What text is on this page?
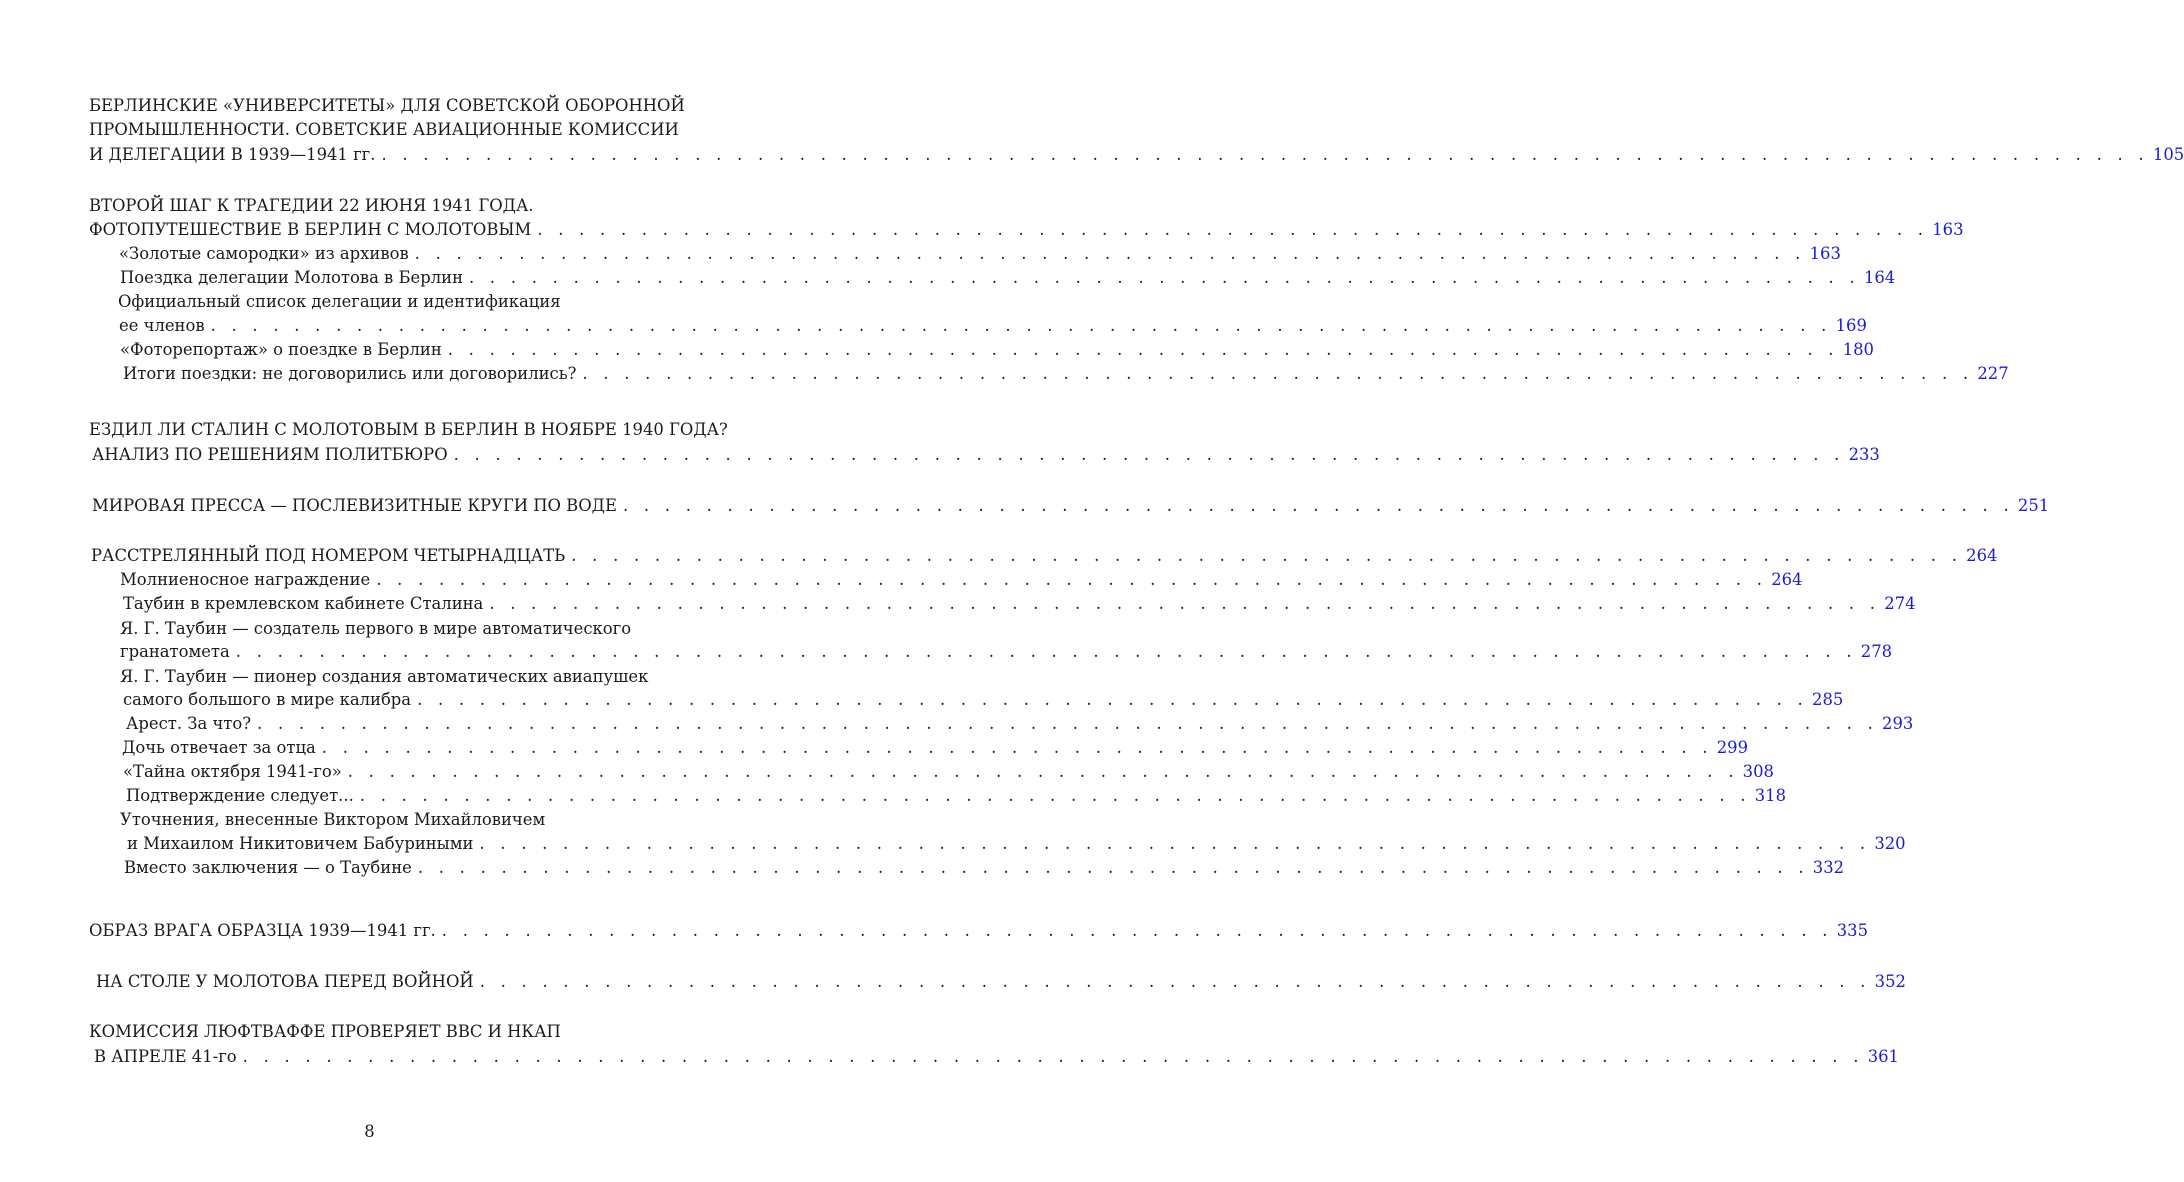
БЕРЛИНСКИЕ «УНИВЕРСИТЕТЫ» ДЛЯ СОВЕТСКОЙ ОБОРОННОЙ
ПРОМЫШЛЕННОСТИ. СОВЕТСКИЕ АВИАЦИОННЫЕ КОМИССИИ
И ДЕЛЕГАЦИИ В 1939—1941 гг. . . . . . . . . . . . . . . . . . . . . . . . . . . . . . . . . . . . . . . . . . . . . . . . . . . . . . . . . . . . . . . . . . . . . . . . . . . . . . . . . . . . . . 105
ВТОРОЙ ШАГ К ТРАГЕДИИ 22 ИЮНЯ 1941 ГОДА.
ФОТОПУТЕШЕСТВИЕ В БЕРЛИН С МОЛОТОВЫМ . . . . . . . . . . . . . . . . . . . . . . . . . . . . . . . . . . . . . . . . . . . . . . . . . . . . . . . . . . . . . . . . . . . 163
«Золотые самородки» из архивов . . . . . . . . . . . . . . . . . . . . . . . . . . . . . . . . . . . . . . . . . . . . . . . . . . . . . . . . . . . . . . . . . . . 163
Поездка делегации Молотова в Берлин . . . . . . . . . . . . . . . . . . . . . . . . . . . . . . . . . . . . . . . . . . . . . . . . . . . . . . . . . . . . . . . . . . . 164
Официальный список делегации и идентификация
ее членов . . . . . . . . . . . . . . . . . . . . . . . . . . . . . . . . . . . . . . . . . . . . . . . . . . . . . . . . . . . . . . . . . . . . . . . . . . . . . . 169
«Фоторепортаж» о поездке в Берлин . . . . . . . . . . . . . . . . . . . . . . . . . . . . . . . . . . . . . . . . . . . . . . . . . . . . . . . . . . . . . . . . . . . 180
Итоги поездки: не договорились или договорились? . . . . . . . . . . . . . . . . . . . . . . . . . . . . . . . . . . . . . . . . . . . . . . . . . . . . . . . . . . . . . . . . . . . 227
ЕЗДИЛ ЛИ СТАЛИН С МОЛОТОВЫМ В БЕРЛИН В НОЯБРЕ 1940 ГОДА?
АНАЛИЗ ПО РЕШЕНИЯМ ПОЛИТБЮРО . . . . . . . . . . . . . . . . . . . . . . . . . . . . . . . . . . . . . . . . . . . . . . . . . . . . . . . . . . . . . . . . . . . 233
МИРОВАЯ ПРЕССА — ПОСЛЕВИЗИТНЫЕ КРУГИ ПО ВОДЕ . . . . . . . . . . . . . . . . . . . . . . . . . . . . . . . . . . . . . . . . . . . . . . . . . . . . . . . . . . . . . . . . . . . 251
РАССТРЕЛЯННЫЙ ПОД НОМЕРОМ ЧЕТЫРНАДЦАТЬ . . . . . . . . . . . . . . . . . . . . . . . . . . . . . . . . . . . . . . . . . . . . . . . . . . . . . . . . . . . . . . . . . . . 264
Молниеносное награждение . . . . . . . . . . . . . . . . . . . . . . . . . . . . . . . . . . . . . . . . . . . . . . . . . . . . . . . . . . . . . . . . . . . 264
Таубин в кремлевском кабинете Сталина . . . . . . . . . . . . . . . . . . . . . . . . . . . . . . . . . . . . . . . . . . . . . . . . . . . . . . . . . . . . . . . . . . . 274
Я. Г. Таубин — создатель первого в мире автоматического
гранатомета . . . . . . . . . . . . . . . . . . . . . . . . . . . . . . . . . . . . . . . . . . . . . . . . . . . . . . . . . . . . . . . . . . . . . . . . . . . . . . 278
Я. Г. Таубин — пионер создания автоматических авиапушек
самого большого в мире калибра . . . . . . . . . . . . . . . . . . . . . . . . . . . . . . . . . . . . . . . . . . . . . . . . . . . . . . . . . . . . . . . . . . . 285
Арест. За что? . . . . . . . . . . . . . . . . . . . . . . . . . . . . . . . . . . . . . . . . . . . . . . . . . . . . . . . . . . . . . . . . . . . . . . . . . . . . . . 293
Дочь отвечает за отца . . . . . . . . . . . . . . . . . . . . . . . . . . . . . . . . . . . . . . . . . . . . . . . . . . . . . . . . . . . . . . . . . . . 299
«Тайна октября 1941-го» . . . . . . . . . . . . . . . . . . . . . . . . . . . . . . . . . . . . . . . . . . . . . . . . . . . . . . . . . . . . . . . . . . . 308
Подтверждение следует... . . . . . . . . . . . . . . . . . . . . . . . . . . . . . . . . . . . . . . . . . . . . . . . . . . . . . . . . . . . . . . . . . . . 318
Уточнения, внесенные Виктором Михайловичем
и Михаилом Никитовичем Бабуриными . . . . . . . . . . . . . . . . . . . . . . . . . . . . . . . . . . . . . . . . . . . . . . . . . . . . . . . . . . . . . . . . . . . 320
Вместо заключения — о Таубине . . . . . . . . . . . . . . . . . . . . . . . . . . . . . . . . . . . . . . . . . . . . . . . . . . . . . . . . . . . . . . . . . . . 332
ОБРАЗ ВРАГА ОБРАЗЦА 1939—1941 гг. . . . . . . . . . . . . . . . . . . . . . . . . . . . . . . . . . . . . . . . . . . . . . . . . . . . . . . . . . . . . . . . . . . . 335
НА СТОЛЕ У МОЛОТОВА ПЕРЕД ВОЙНОЙ . . . . . . . . . . . . . . . . . . . . . . . . . . . . . . . . . . . . . . . . . . . . . . . . . . . . . . . . . . . . . . . . . . . 352
КОМИССИЯ ЛЮФТВАФФЕ ПРОВЕРЯЕТ ВВС И НКАП
В АПРЕЛЕ 41-го . . . . . . . . . . . . . . . . . . . . . . . . . . . . . . . . . . . . . . . . . . . . . . . . . . . . . . . . . . . . . . . . . . . . . . . . . . . . . . 361
8
